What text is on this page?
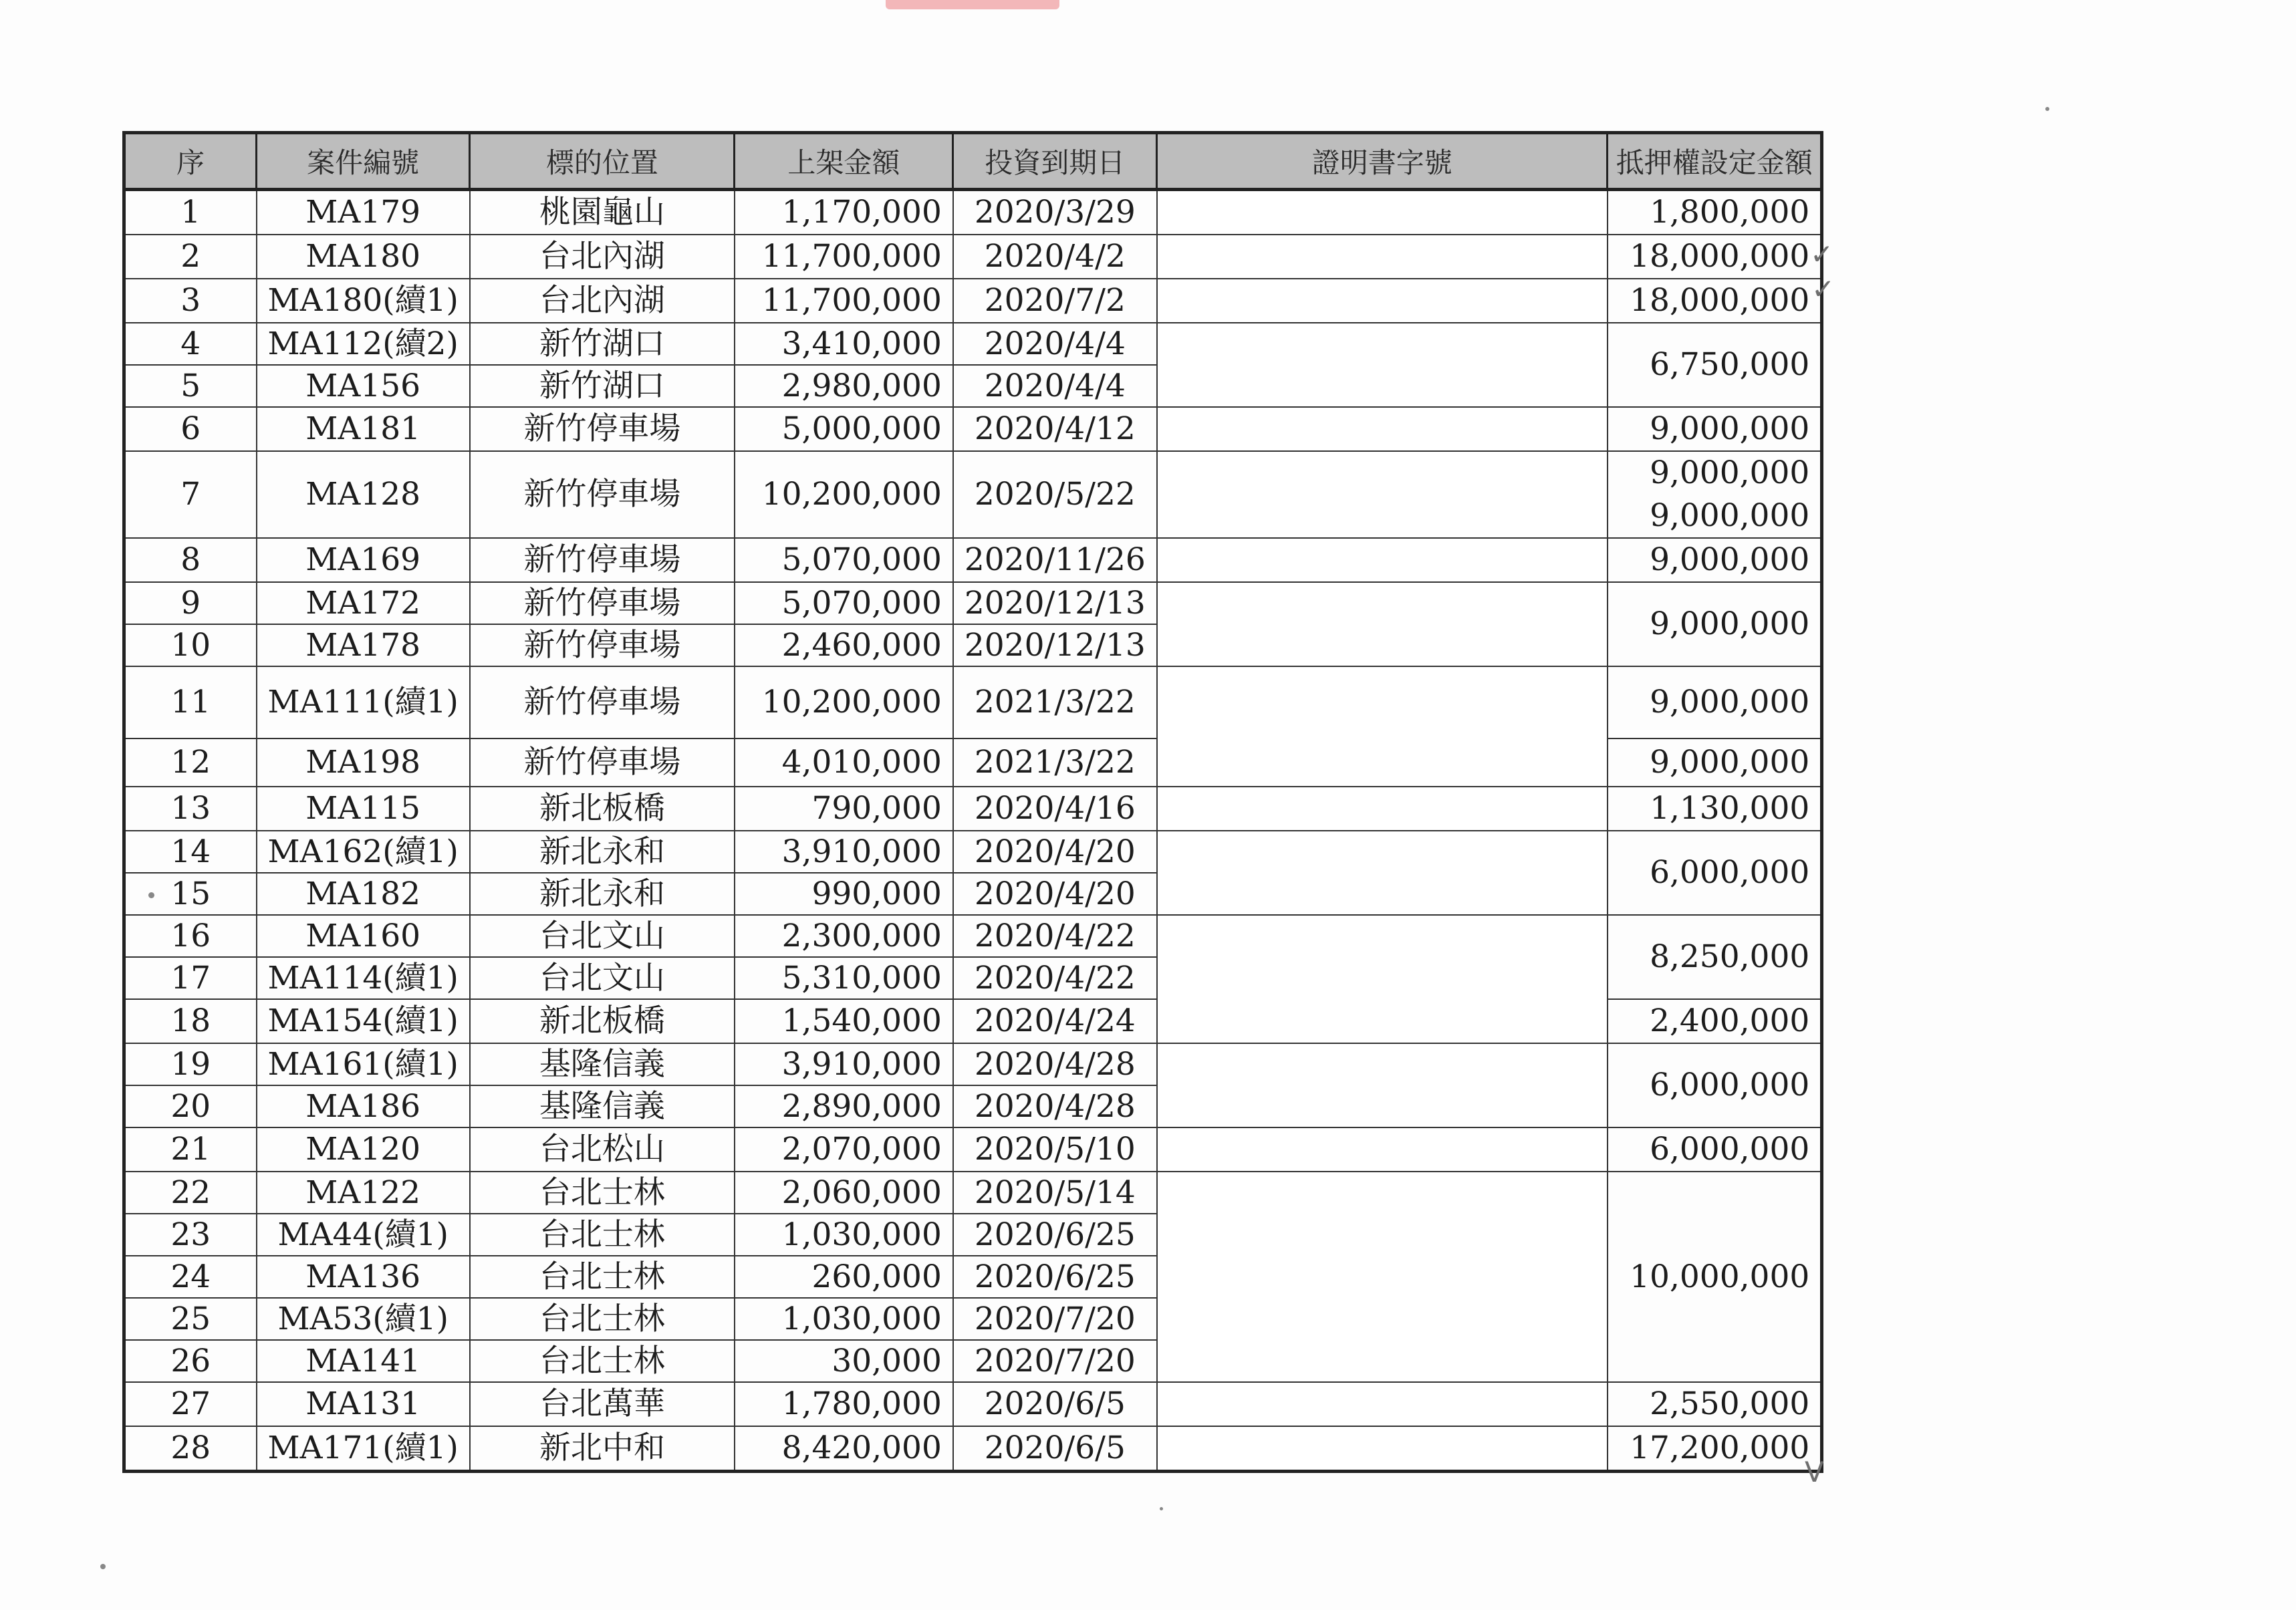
序	案件編號	標的位置	上架金額	投資到期日	證明書字號	抵押權設定金額
1	MA179	桃園龜山	1,170,000	2020/3/29		1,800,000

2	MA180	台北內湖	11,700,000	2020/4/2		18,000,000

3	MA180(續1)	台北內湖	11,700,000	2020/7/2		18,000,000

4	MA112(續2)	新竹湖口	3,410,000	2020/4/4		6,750,000

5	MA156	新竹湖口	2,980,000	2020/4/4		
6	MA181	新竹停車場	5,000,000	2020/4/12		9,000,000

7	MA128	新竹停車場	10,200,000	2020/5/22		9,000,000
9,000,000

8	MA169	新竹停車場	5,070,000	2020/11/26		9,000,000

9	MA172	新竹停車場	5,070,000	2020/12/13		9,000,000

10	MA178	新竹停車場	2,460,000	2020/12/13		
11	MA111(續1)	新竹停車場	10,200,000	2021/3/22		9,000,000

12	MA198	新竹停車場	4,010,000	2021/3/22		9,000,000

13	MA115	新北板橋	790,000	2020/4/16		1,130,000

14	MA162(續1)	新北永和	3,910,000	2020/4/20		6,000,000

15	MA182	新北永和	990,000	2020/4/20		
16	MA160	台北文山	2,300,000	2020/4/22		8,250,000

17	MA114(續1)	台北文山	5,310,000	2020/4/22		
18	MA154(續1)	新北板橋	1,540,000	2020/4/24		2,400,000

19	MA161(續1)	基隆信義	3,910,000	2020/4/28		6,000,000

20	MA186	基隆信義	2,890,000	2020/4/28		
21	MA120	台北松山	2,070,000	2020/5/10		6,000,000

22	MA122	台北士林	2,060,000	2020/5/14		10,000,000

23	MA44(續1)	台北士林	1,030,000	2020/6/25		
24	MA136	台北士林	260,000	2020/6/25		
25	MA53(續1)	台北士林	1,030,000	2020/7/20		
26	MA141	台北士林	30,000	2020/7/20		
27	MA131	台北萬華	1,780,000	2020/6/5		2,550,000

28	MA171(續1)	新北中和	8,420,000	2020/6/5		17,200,000
✓
✓
V
